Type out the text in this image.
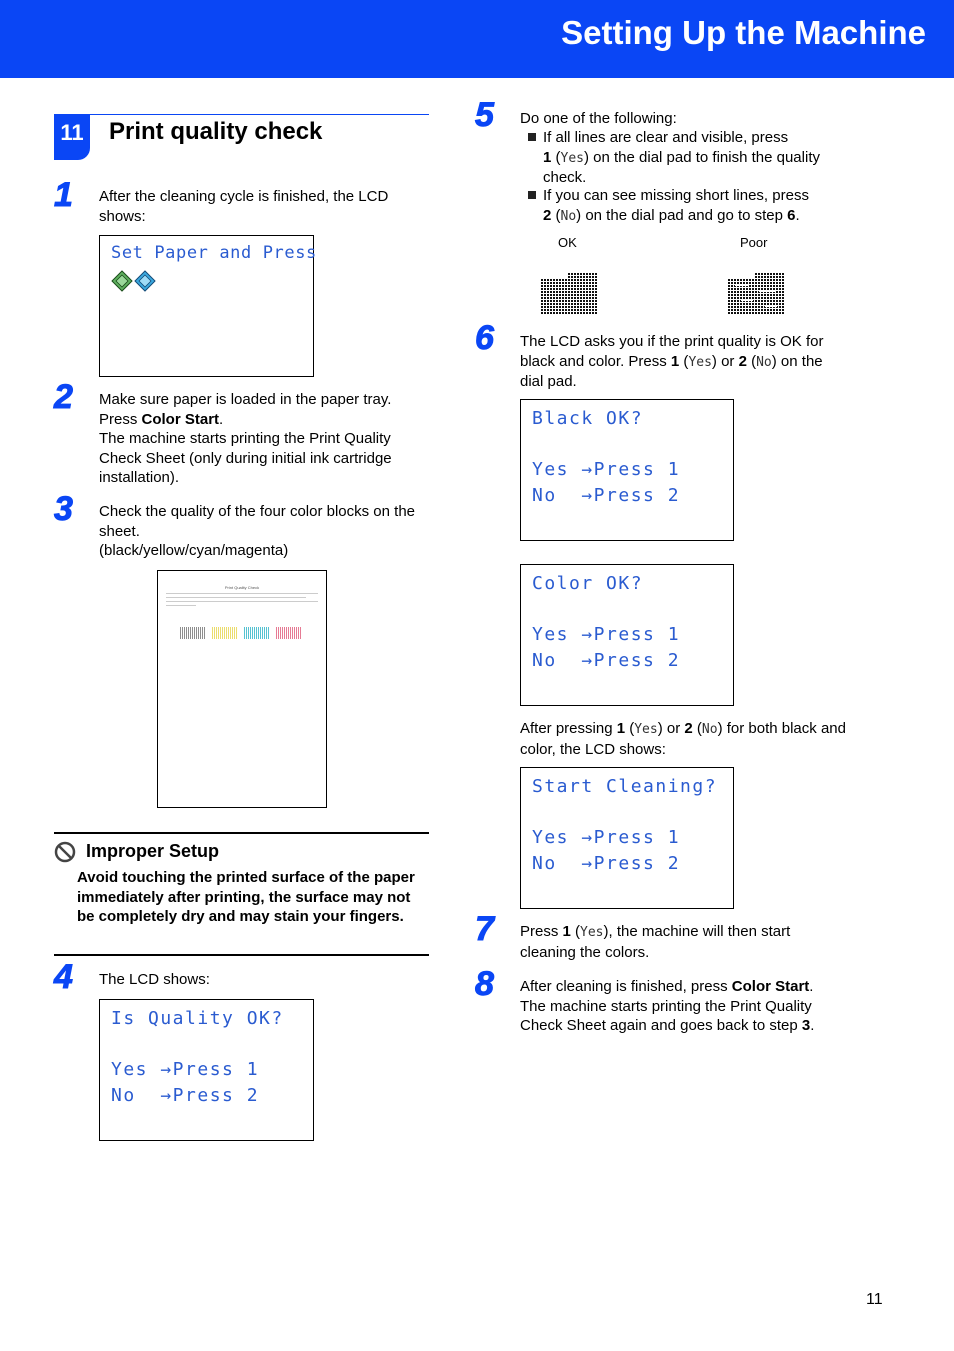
Setting Up the Machine
11 Print quality check
1 After the cleaning cycle is finished, the LCD shows:
Set Paper and Press
2 Make sure paper is loaded in the paper tray.
Press Color Start.
The machine starts printing the Print Quality Check Sheet (only during initial ink cartridge installation).
3 Check the quality of the four color blocks on the sheet.
(black/yellow/cyan/magenta)
Print Quality Check
Improper Setup
Avoid touching the printed surface of the paper immediately after printing, the surface may not be completely dry and may stain your fingers.
4 The LCD shows:
Is Quality OK?
Yes →Press 1
No  →Press 2
5 Do one of the following:
If all lines are clear and visible, press
1 (Yes) on the dial pad to finish the quality check.
If you can see missing short lines, press
2 (No) on the dial pad and go to step 6.
OK	Poor
6 The LCD asks you if the print quality is OK for black and color. Press 1 (Yes) or 2 (No) on the dial pad.
Black OK?
Yes →Press 1
No  →Press 2
Color OK?
Yes →Press 1
No  →Press 2
After pressing 1 (Yes) or 2 (No) for both black and color, the LCD shows:
Start Cleaning?
Yes →Press 1
No  →Press 2
7 Press 1 (Yes), the machine will then start cleaning the colors.
8 After cleaning is finished, press Color Start.
The machine starts printing the Print Quality Check Sheet again and goes back to step 3.
11
